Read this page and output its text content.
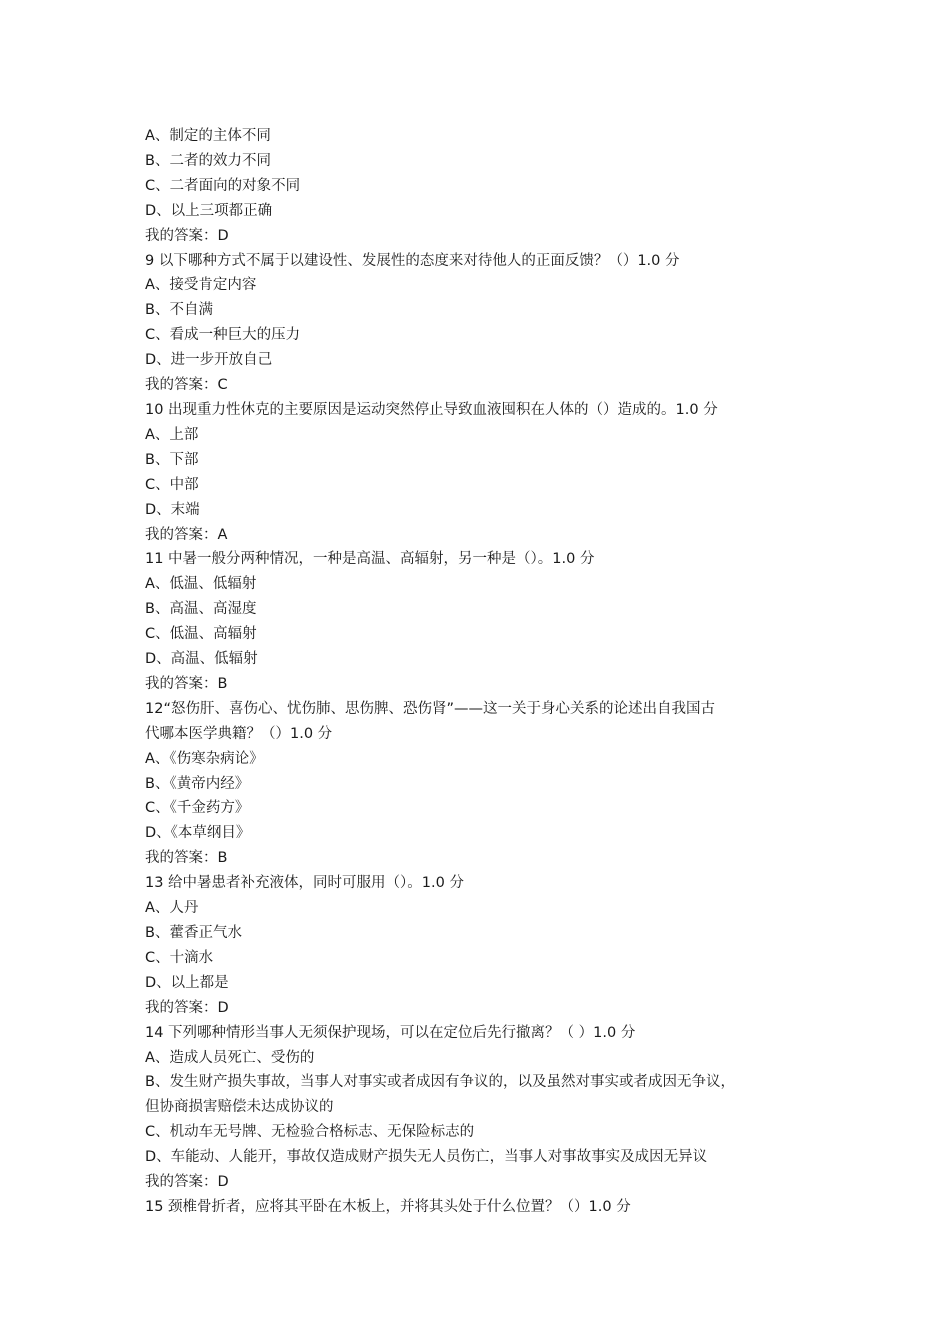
A、制定的主体不同
B、二者的效力不同
C、二者面向的对象不同
D、以上三项都正确
我的答案：D
9 以下哪种方式不属于以建设性、发展性的态度来对待他人的正面反馈？（）1.0 分
A、接受肯定内容
B、不自满
C、看成一种巨大的压力
D、进一步开放自己
我的答案：C
10 出现重力性休克的主要原因是运动突然停止导致血液囤积在人体的（）造成的。1.0 分
A、上部
B、下部
C、中部
D、末端
我的答案：A
11 中暑一般分两种情况，一种是高温、高辐射，另一种是（）。1.0 分
A、低温、低辐射
B、高温、高湿度
C、低温、高辐射
D、高温、低辐射
我的答案：B
12“怒伤肝、喜伤心、忧伤肺、思伤脾、恐伤肾”——这一关于身心关系的论述出自我国古
代哪本医学典籍？（）1.0 分
A、《伤寒杂病论》
B、《黄帝内经》
C、《千金药方》
D、《本草纲目》
我的答案：B
13 给中暑患者补充液体，同时可服用（）。1.0 分
A、人丹
B、藿香正气水
C、十滴水
D、以上都是
我的答案：D
14 下列哪种情形当事人无须保护现场，可以在定位后先行撤离？（ ）1.0 分
A、造成人员死亡、受伤的
B、发生财产损失事故，当事人对事实或者成因有争议的，以及虽然对事实或者成因无争议，
但协商损害赔偿未达成协议的
C、机动车无号牌、无检验合格标志、无保险标志的
D、车能动、人能开，事故仅造成财产损失无人员伤亡，当事人对事故事实及成因无异议
我的答案：D
15 颈椎骨折者，应将其平卧在木板上，并将其头处于什么位置？（）1.0 分
